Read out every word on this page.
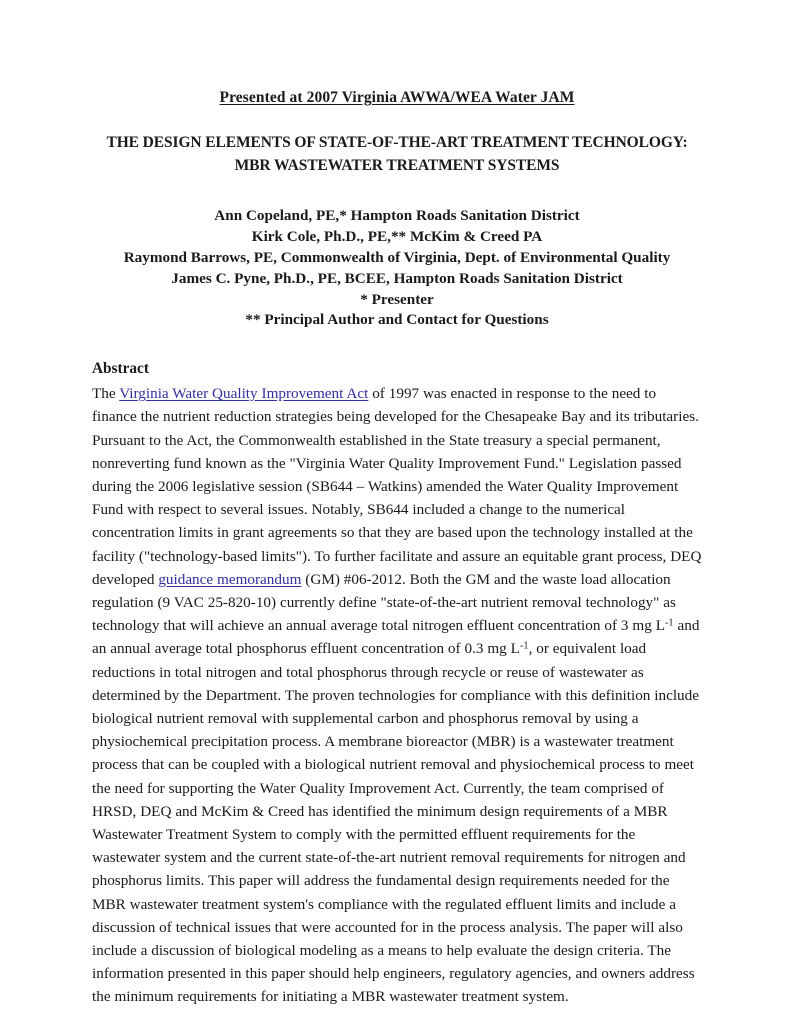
Presented at 2007 Virginia AWWA/WEA Water JAM
THE DESIGN ELEMENTS OF STATE-OF-THE-ART TREATMENT TECHNOLOGY: MBR WASTEWATER TREATMENT SYSTEMS
Ann Copeland, PE,* Hampton Roads Sanitation District
Kirk Cole, Ph.D., PE,** McKim & Creed PA
Raymond Barrows, PE, Commonwealth of Virginia, Dept. of Environmental Quality
James C. Pyne, Ph.D., PE, BCEE, Hampton Roads Sanitation District
* Presenter
** Principal Author and Contact for Questions
Abstract

The Virginia Water Quality Improvement Act of 1997 was enacted in response to the need to finance the nutrient reduction strategies being developed for the Chesapeake Bay and its tributaries. Pursuant to the Act, the Commonwealth established in the State treasury a special permanent, nonreverting fund known as the "Virginia Water Quality Improvement Fund." Legislation passed during the 2006 legislative session (SB644 – Watkins) amended the Water Quality Improvement Fund with respect to several issues. Notably, SB644 included a change to the numerical concentration limits in grant agreements so that they are based upon the technology installed at the facility ("technology-based limits"). To further facilitate and assure an equitable grant process, DEQ developed guidance memorandum (GM) #06-2012. Both the GM and the waste load allocation regulation (9 VAC 25-820-10) currently define "state-of-the-art nutrient removal technology" as technology that will achieve an annual average total nitrogen effluent concentration of 3 mg $L^{-1}$ and an annual average total phosphorus effluent concentration of 0.3 mg $L^{-1}$, or equivalent load reductions in total nitrogen and total phosphorus through recycle or reuse of wastewater as determined by the Department. The proven technologies for compliance with this definition include biological nutrient removal with supplemental carbon and phosphorus removal by using a physiochemical precipitation process. A membrane bioreactor (MBR) is a wastewater treatment process that can be coupled with a biological nutrient removal and physiochemical process to meet the need for supporting the Water Quality Improvement Act. Currently, the team comprised of HRSD, DEQ and McKim & Creed has identified the minimum design requirements of a MBR Wastewater Treatment System to comply with the permitted effluent requirements for the wastewater system and the current state-of-the-art nutrient removal requirements for nitrogen and phosphorus limits. This paper will address the fundamental design requirements needed for the MBR wastewater treatment system's compliance with the regulated effluent limits and include a discussion of technical issues that were accounted for in the process analysis. The paper will also include a discussion of biological modeling as a means to help evaluate the design criteria. The information presented in this paper should help engineers, regulatory agencies, and owners address the minimum requirements for initiating a MBR wastewater treatment system.
